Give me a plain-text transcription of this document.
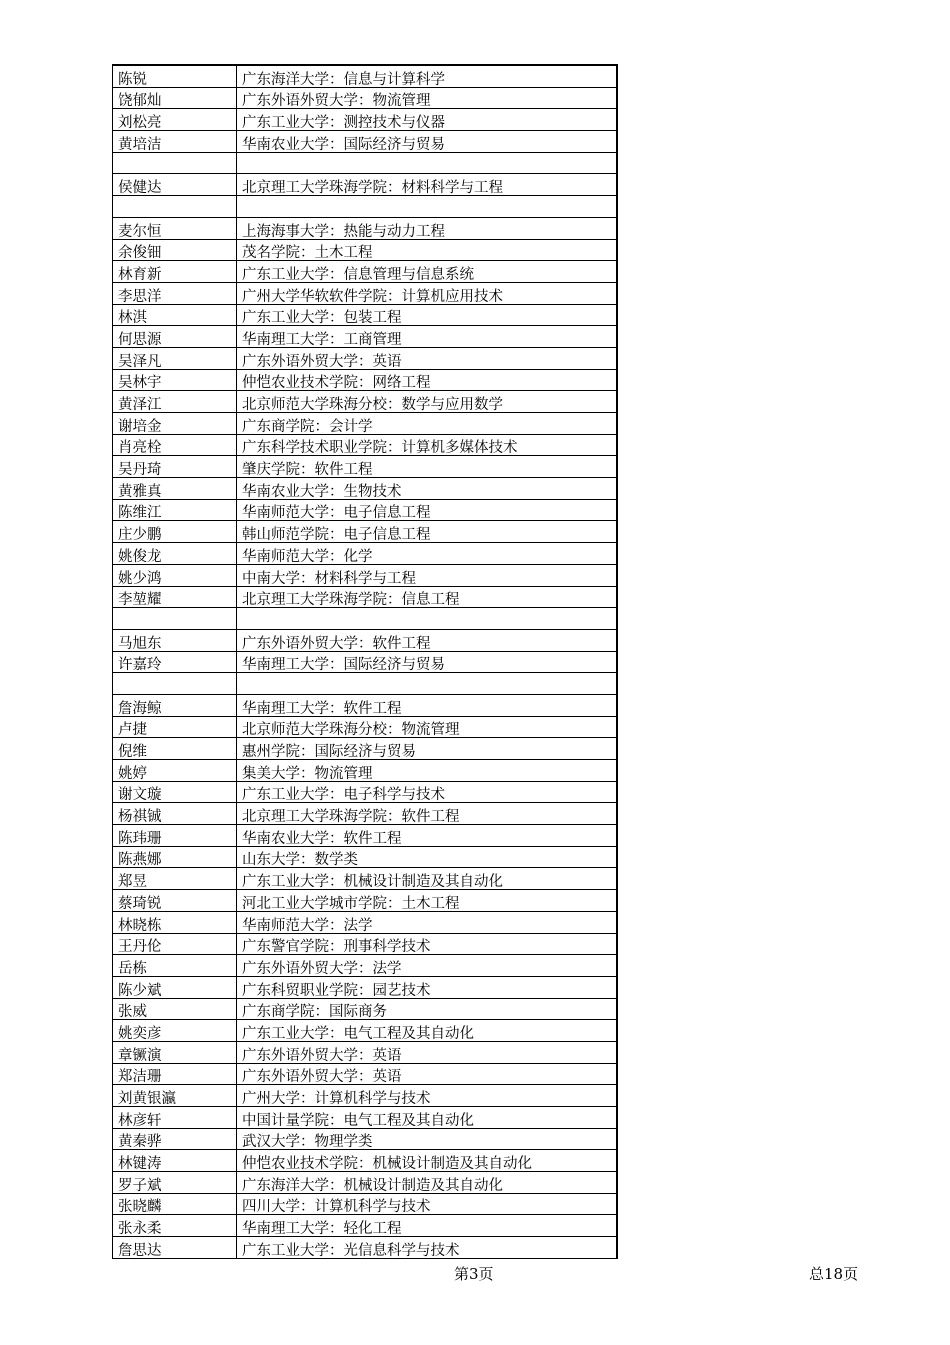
陈锐	广东海洋大学：信息与计算科学
饶郁灿	广东外语外贸大学：物流管理
刘松亮	广东工业大学：测控技术与仪器
黄培洁	华南农业大学：国际经济与贸易

侯健达	北京理工大学珠海学院：材料科学与工程

麦尔恒	上海海事大学：热能与动力工程
余俊钿	茂名学院：土木工程
林育新	广东工业大学：信息管理与信息系统
李思洋	广州大学华软软件学院：计算机应用技术
林淇	广东工业大学：包装工程
何思源	华南理工大学：工商管理
吴泽凡	广东外语外贸大学：英语
吴林宇	仲恺农业技术学院：网络工程
黄泽江	北京师范大学珠海分校：数学与应用数学
谢培金	广东商学院：会计学
肖亮栓	广东科学技术职业学院：计算机多媒体技术
吴丹琦	肇庆学院：软件工程
黄雅真	华南农业大学：生物技术
陈维江	华南师范大学：电子信息工程
庄少鹏	韩山师范学院：电子信息工程
姚俊龙	华南师范大学：化学
姚少鸿	中南大学：材料科学与工程
李堃耀	北京理工大学珠海学院：信息工程

马旭东	广东外语外贸大学：软件工程
许嘉玲	华南理工大学：国际经济与贸易

詹海鲸	华南理工大学：软件工程
卢捷	北京师范大学珠海分校：物流管理
倪维	惠州学院：国际经济与贸易
姚婷	集美大学：物流管理
谢文璇	广东工业大学：电子科学与技术
杨祺铖	北京理工大学珠海学院：软件工程
陈玮珊	华南农业大学：软件工程
陈燕娜	山东大学：数学类
郑昱	广东工业大学：机械设计制造及其自动化
蔡琦锐	河北工业大学城市学院：土木工程
林晓栋	华南师范大学：法学
王丹伦	广东警官学院：刑事科学技术
岳栋	广东外语外贸大学：法学
陈少斌	广东科贸职业学院：园艺技术
张威	广东商学院：国际商务
姚奕彦	广东工业大学：电气工程及其自动化
章镢演	广东外语外贸大学：英语
郑洁珊	广东外语外贸大学：英语
刘黄银瀛	广州大学：计算机科学与技术
林彦轩	中国计量学院：电气工程及其自动化
黄秦骅	武汉大学：物理学类
林键涛	仲恺农业技术学院：机械设计制造及其自动化
罗子斌	广东海洋大学：机械设计制造及其自动化
张晓麟	四川大学：计算机科学与技术
张永柔	华南理工大学：轻化工程
詹思达	广东工业大学：光信息科学与技术
第3页	总18页
